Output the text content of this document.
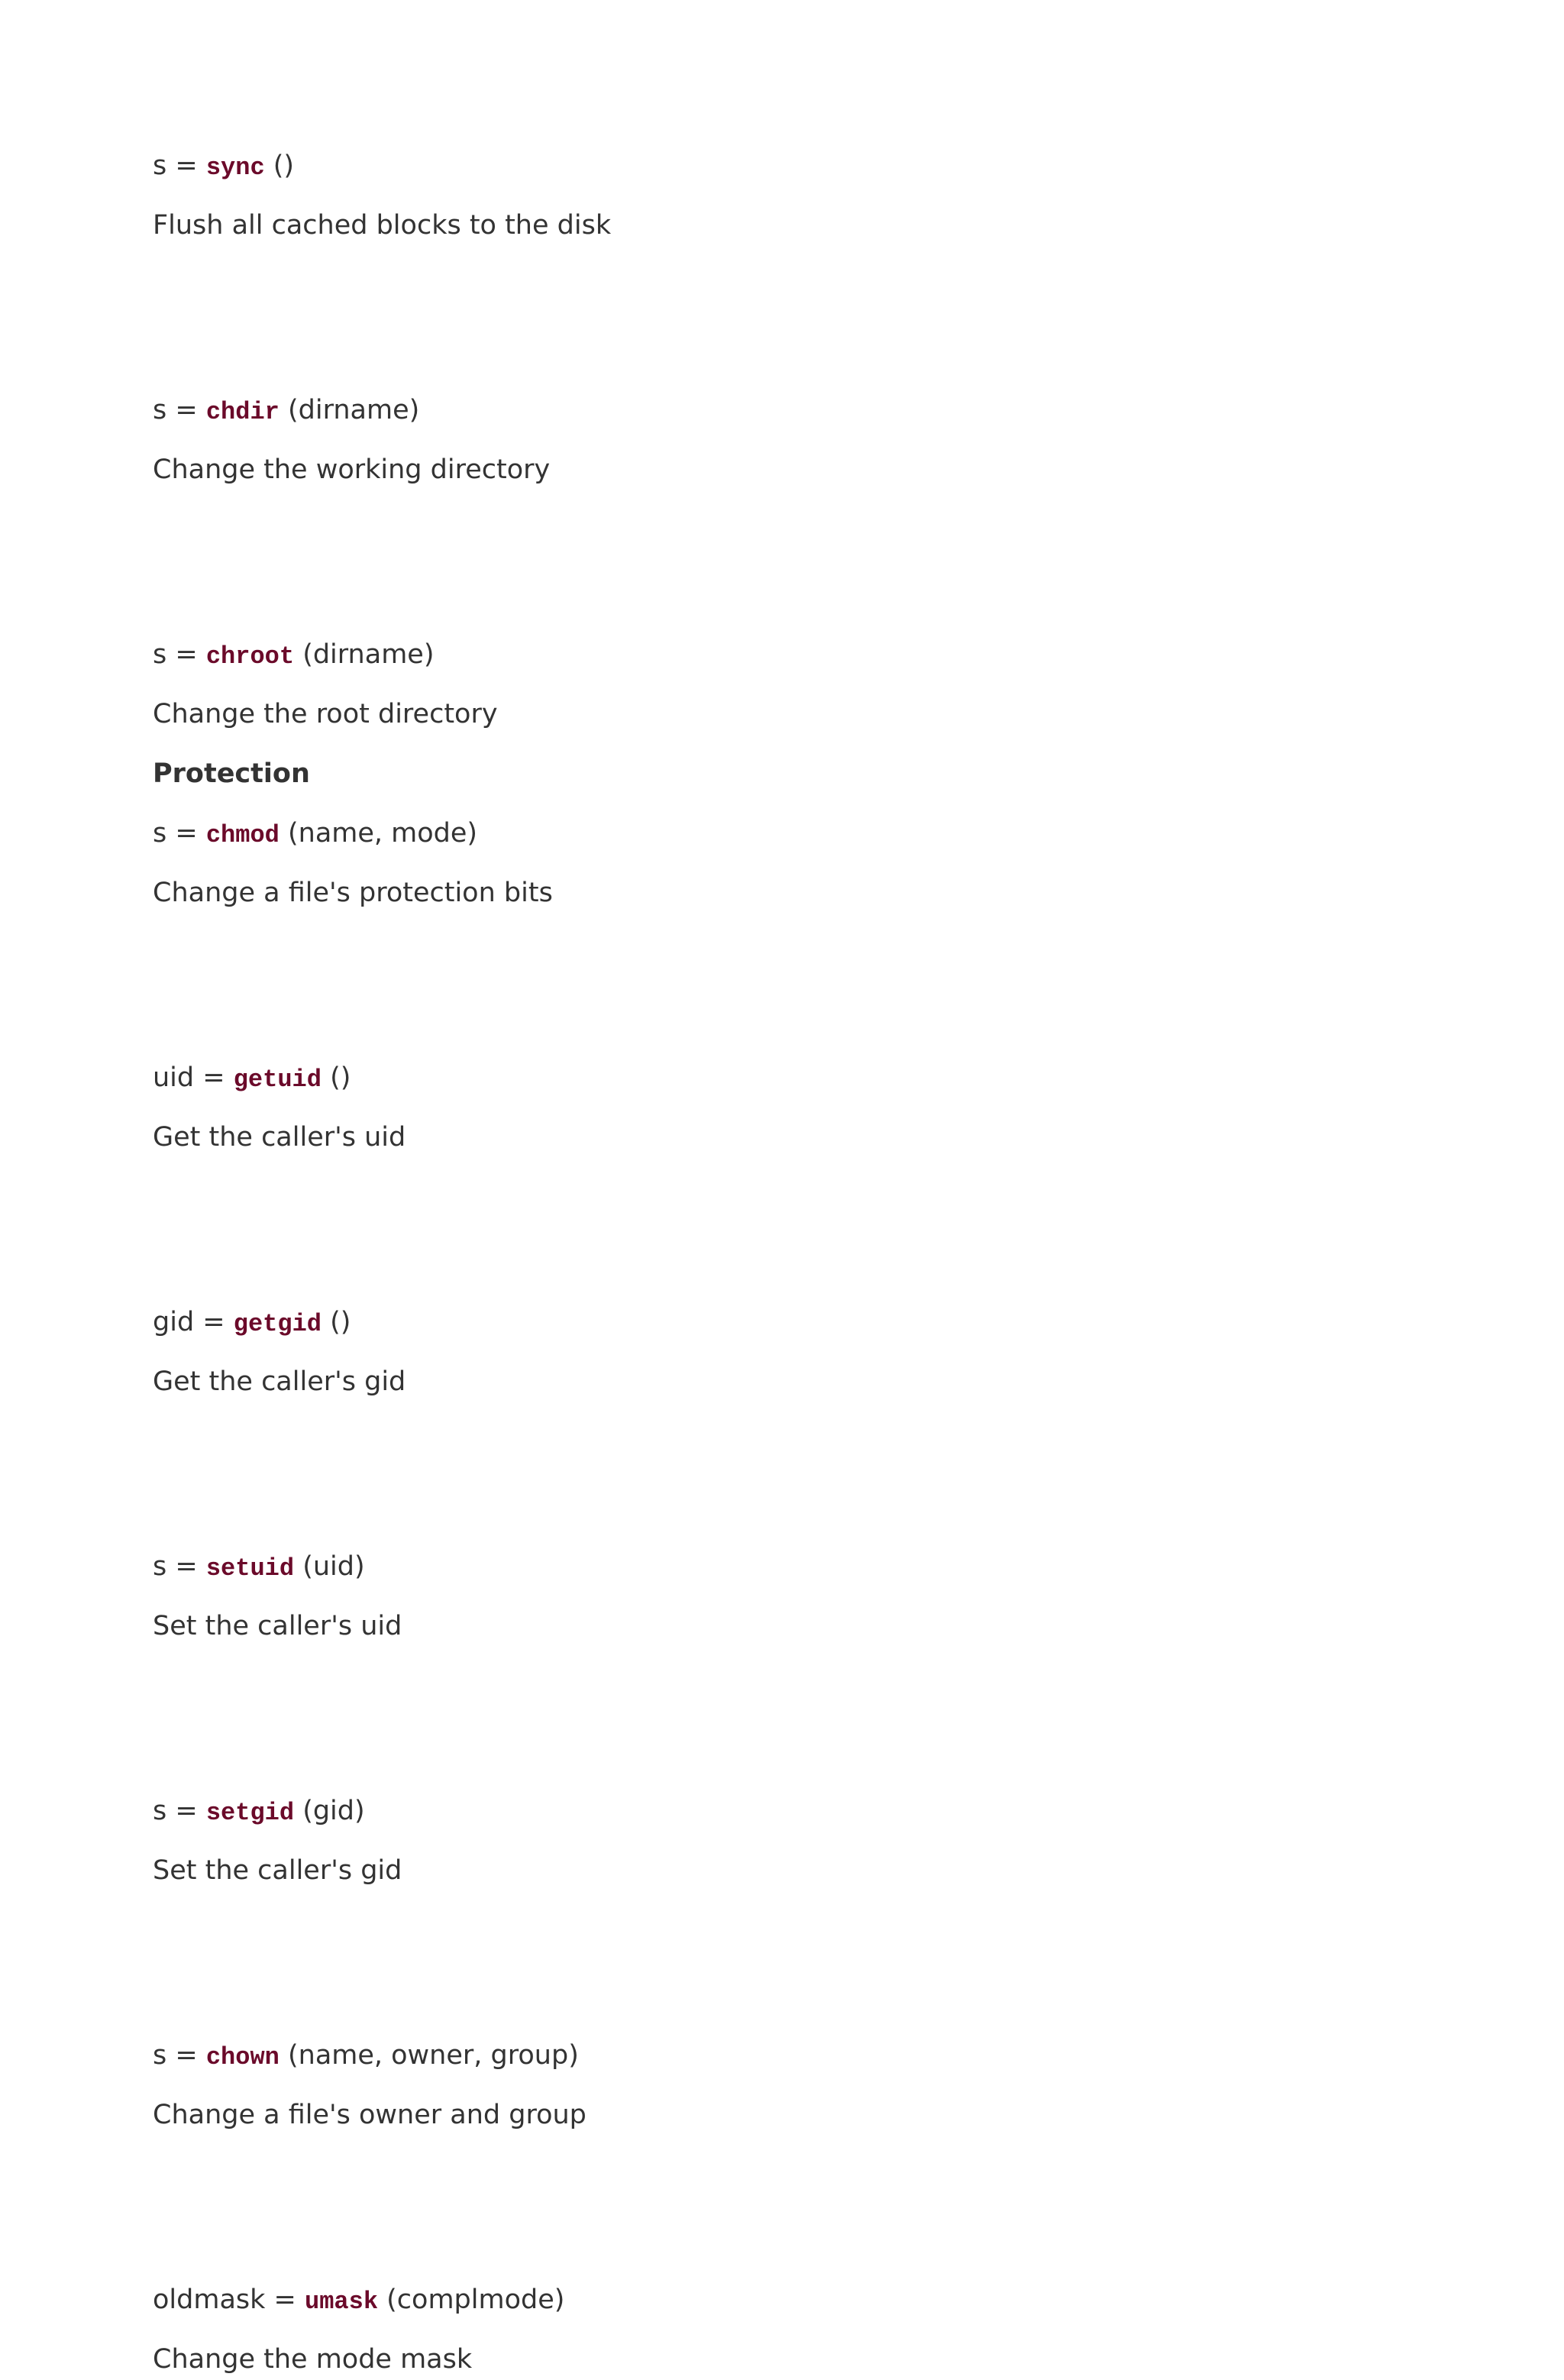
s = sync ()

Flush all cached blocks to the disk

s = chdir (dirname)

Change the working directory

s = chroot (dirname)

Change the root directory

Protection

s = chmod (name, mode)

Change a file's protection bits

uid = getuid ()

Get the caller's uid

gid = getgid ()

Get the caller's gid

s = setuid (uid)

Set the caller's uid

s = setgid (gid)

Set the caller's gid

s = chown (name, owner, group)

Change a file's owner and group

oldmask = umask (complmode)

Change the mode mask
